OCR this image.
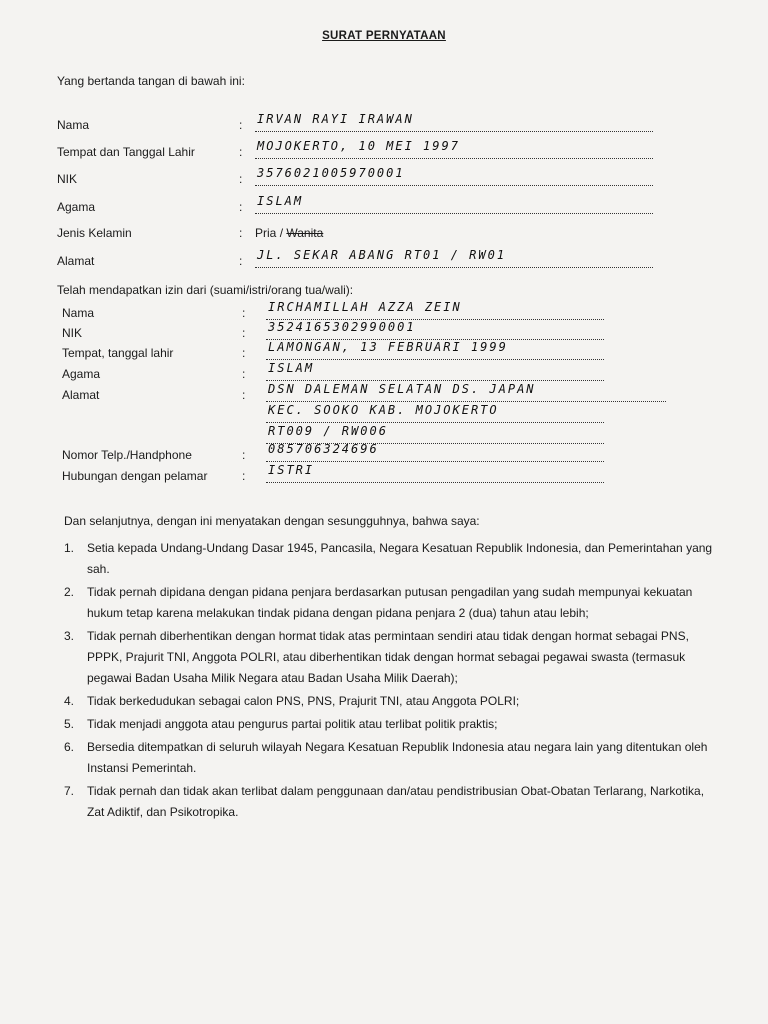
SURAT PERNYATAAN
Yang bertanda tangan di bawah ini:
Nama	: IRVAN RAYI IRAWAN
Tempat dan Tanggal Lahir	: MOJOKERTO, 10 MEI 1997
NIK	: 3576021005970001
Agama	: ISLAM
Jenis Kelamin	: Pria / Wanita
Alamat	: JL. SEKAR ABANG RT01 / RW01
Telah mendapatkan izin dari (suami/istri/orang tua/wali):
Nama	: IRCHAMILLAH AZZA ZEIN
NIK	: 3524165302990001
Tempat, tanggal lahir	: LAMONGAN, 13 FEBRUARI 1999
Agama	: ISLAM
Alamat	: DSN DALEMAN SELATAN DS. JAPAN
KEC. SOOKO KAB. MOJOKERTO
RT009 / RW006
Nomor Telp./Handphone	: 085706324696
Hubungan dengan pelamar	: ISTRI
Dan selanjutnya, dengan ini menyatakan dengan sesungguhnya, bahwa saya:
1. Setia kepada Undang-Undang Dasar 1945, Pancasila, Negara Kesatuan Republik Indonesia, dan Pemerintahan yang sah.
2. Tidak pernah dipidana dengan pidana penjara berdasarkan putusan pengadilan yang sudah mempunyai kekuatan hukum tetap karena melakukan tindak pidana dengan pidana penjara 2 (dua) tahun atau lebih;
3. Tidak pernah diberhentikan dengan hormat tidak atas permintaan sendiri atau tidak dengan hormat sebagai PNS, PPPK, Prajurit TNI, Anggota POLRI, atau diberhentikan tidak dengan hormat sebagai pegawai swasta (termasuk pegawai Badan Usaha Milik Negara atau Badan Usaha Milik Daerah);
4. Tidak berkedudukan sebagai calon PNS, PNS, Prajurit TNI, atau Anggota POLRI;
5. Tidak menjadi anggota atau pengurus partai politik atau terlibat politik praktis;
6. Bersedia ditempatkan di seluruh wilayah Negara Kesatuan Republik Indonesia atau negara lain yang ditentukan oleh Instansi Pemerintah.
7. Tidak pernah dan tidak akan terlibat dalam penggunaan dan/atau pendistribusian Obat-Obatan Terlarang, Narkotika, Zat Adiktif, dan Psikotropika.
